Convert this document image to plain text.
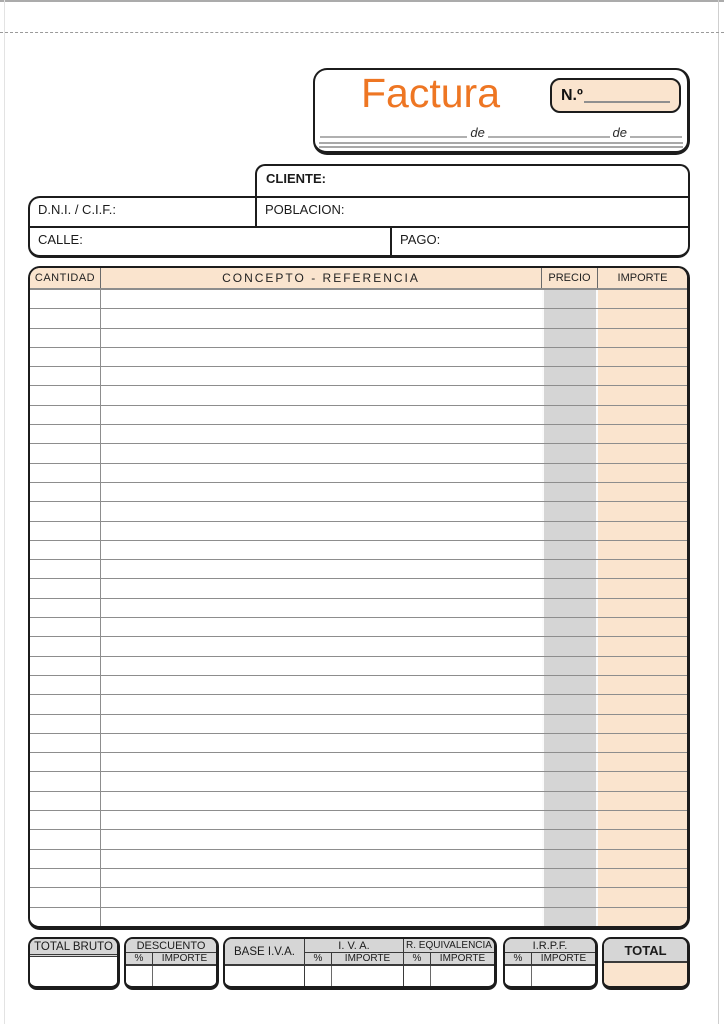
Factura	N.º
de	de
CLIENTE:
D.N.I. / C.I.F.:	POBLACION:
CALLE:	PAGO:
CANTIDAD	CONCEPTO - REFERENCIA	PRECIO	IMPORTE
TOTAL BRUTO	DESCUENTO
%	IMPORTE
BASE I.V.A.	I. V. A.
%	IMPORTE
R. EQUIVALENCIA
%	IMPORTE
I.R.P.F.
%	IMPORTE
TOTAL
